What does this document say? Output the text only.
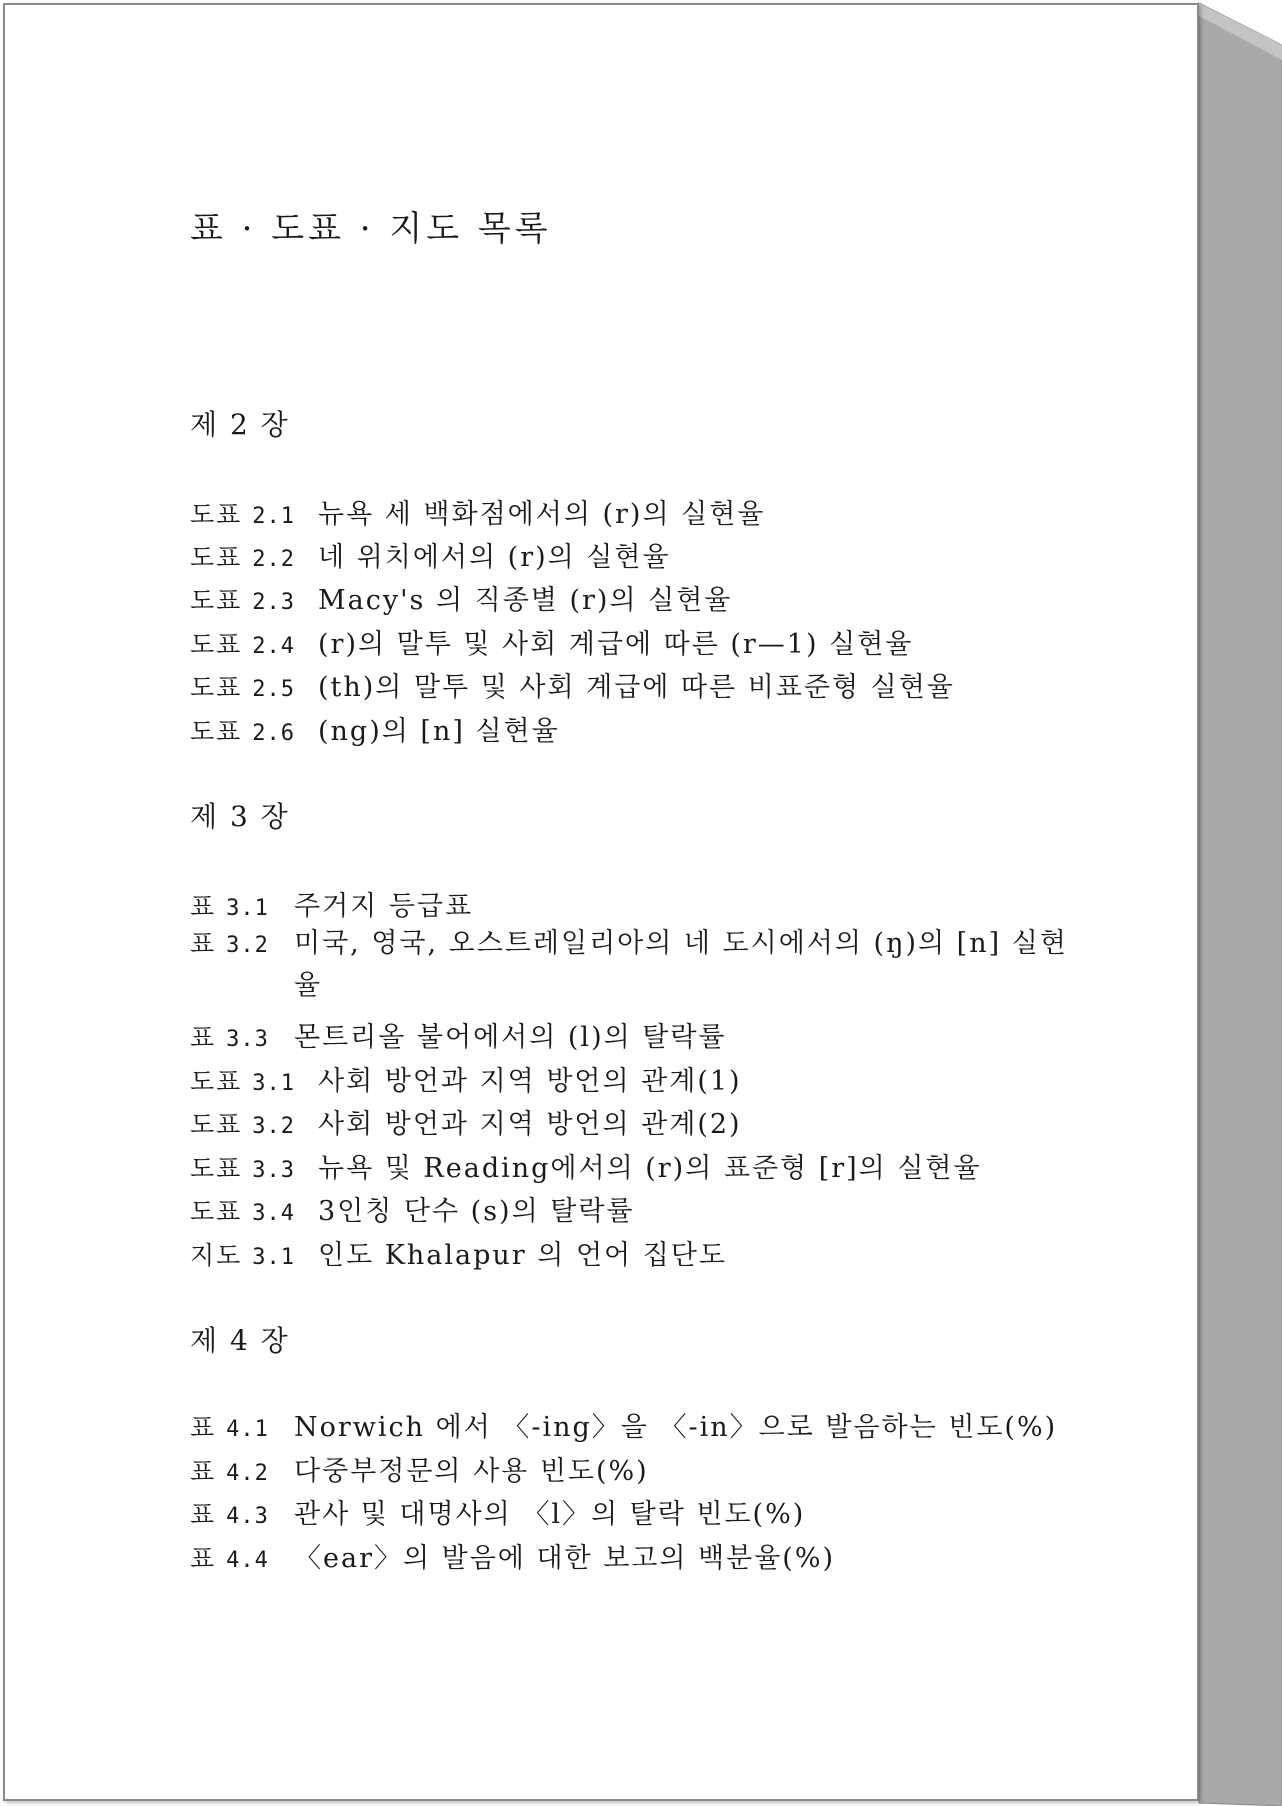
표 · 도표 · 지도 목록
제 2 장
도표 2.1 뉴욕 세 백화점에서의 (r)의 실현율
도표 2.2 네 위치에서의 (r)의 실현율
도표 2.3 Macy's 의 직종별 (r)의 실현율
도표 2.4 (r)의 말투 및 사회 계급에 따른 (r—1) 실현율
도표 2.5 (th)의 말투 및 사회 계급에 따른 비표준형 실현율
도표 2.6 (ng)의 [n] 실현율
제 3 장
표 3.1 주거지 등급표
표 3.2 미국, 영국, 오스트레일리아의 네 도시에서의 (ŋ)의 [n] 실현율
표 3.3 몬트리올 불어에서의 (l)의 탈락률
도표 3.1 사회 방언과 지역 방언의 관계(1)
도표 3.2 사회 방언과 지역 방언의 관계(2)
도표 3.3 뉴욕 및 Reading에서의 (r)의 표준형 [r]의 실현율
도표 3.4 3인칭 단수 (s)의 탈락률
지도 3.1 인도 Khalapur 의 언어 집단도
제 4 장
표 4.1 Norwich 에서 〈-ing〉을 〈-in〉으로 발음하는 빈도(%)
표 4.2 다중부정문의 사용 빈도(%)
표 4.3 관사 및 대명사의 〈l〉의 탈락 빈도(%)
표 4.4 〈ear〉의 발음에 대한 보고의 백분율(%)
